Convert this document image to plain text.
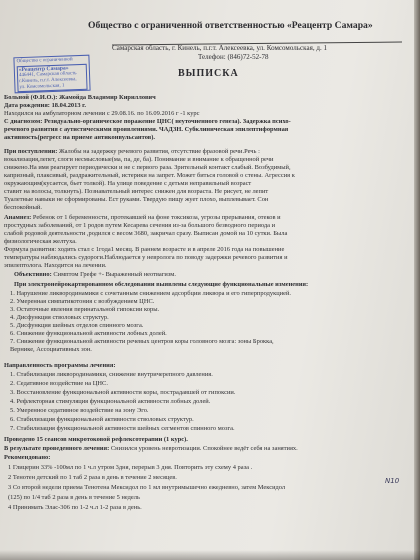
Общество с ограниченной ответственностью «Реацентр Самара»
Самарская область, г. Кинель, п.г.т. Алексеевка, ул. Комсомольская, д. 1
Телефон: (846)72-52-78
Общество с ограниченной
«Реацентр Самара»
446441, Самарская область
г.Кинель, п.г.т. Алексеевка,
ул. Комсомольская, 1
ВЫПИСКА
Больной (Ф.И.О.): Жамойда Владимир Кириллович
Дата рождения: 18.04.2013 г.
Находился на амбулаторном лечении с 29.08.16. по 16.09.2016 г -1 курс
С диагнозом: Резидуально-органическое поражение ЦНС( неуточненного генеза). Задержка психо-
речевого развития с аутистическими проявлениями. ЧАДЗН. Субклиническая эпилептиформная
активность(регресс на приеме антиконвульсантов).
При поступлении: Жалобы на задержку речевого развития, отсутствие фразовой речи.Речь :
вокализация,лепет, слоги несмысловые(ма, па, де, ба). Понимание и внимание к обращенной речи
снижено.На имя реагирует периодически и не с первого раза. Зрительный контакт слабый. Возбудимый,
капризный, плаксивый, раздражительный, истерики на запрет. Может биться головой о стены. Агрессия к
окружающим(кусается, бьет толкой). На улице поведение с детьми неправильный возраст
ставит на волосы, толкнуть). Познавательный интерес снижен для возраста. Не рисует, не лепит
Туалетные навыки не сформированы. Ест руками. Твердую пищу жует плохо, выплевывает. Сон
беспокойный.
Анамнез: Ребенок от 1 беременности, протекавшей на фоне токсикоза, угрозы прерывания, отеков и
простудных заболеваний, от 1 родов путем Кесарева сечения из-за большого безводного периода и
слабой родовой деятельности ,родился с весом 3680, закричал сразу. Выписан домой на 10 сутки. Была
физиологическая желтуха.
Формула развития: ходить стал с 1года1 месяц. В раннем возрасте и в апреле 2016 года на повышение
температуры наблюдались судороги.Наблюдается у невролога по поводу задержки речевого развития и
эпилептолога. Находится на лечении.
Объективно: Симптом Грефе +- Выраженный неотвагизм.
При электронейрокартированном обследовании выявлены следующие функциональные изменения:
1. Нарушение ликвородинамики с сочетанным снижением адсорбции ликвора и его гиперпродукцией.
2. Умеренная симпатикотония с возбуждением ЦНС.
3. Остаточные явления перинатальной гипоксии коры.
4. Дисфункция стволовых структур.
5. Дисфункция шейных отделов спинного мозга.
6. Снижение функциональной активности лобных долей.
7. Снижение функциональной активности речевых центров коры головного мозга: зоны Брокка,
Вернике, Ассоциативных зон.
Направленность программы лечения:
1. Стабилизация ликвородинамики, снижение внутричерепного давления.
2. Седативное воздействие на ЦНС.
3. Восстановление функциональной активности коры, пострадавшей от гипоксии.
4. Рефлекторная стимуляция функциональной активности лобных долей.
5. Умеренное седативное воздействие на зону Эго.
6. Стабилизация функциональной активности стволовых структур.
7. Стабилизация функциональной активности шейных сегментов спинного мозга.
Проведено 15 сеансов микротоковой рефлексотерапии (1 курс).
В результате проведенного лечения: Снизился уровень невротизации. Спокойнее ведёт себя на занятиях.
Рекомендовано:
1 Глицерин 33% -100мл по 1 ч.л утром 3дня, перерыв 3 дня. Повторить эту схему 4 раза .
2 Тенотен детский по 1 таб 2 раза в день в течение 2 месяцев.
3 Со второй недели приема Тенотена Мексидол по 1 мл внутримышечно ежедневно, затем Мексидол
(125) по 1/4 таб 2 раза в день в течение 5 недель
4 Принимать Элас-306 по 1-2 ч.л 1-2 раза в день.
N10
